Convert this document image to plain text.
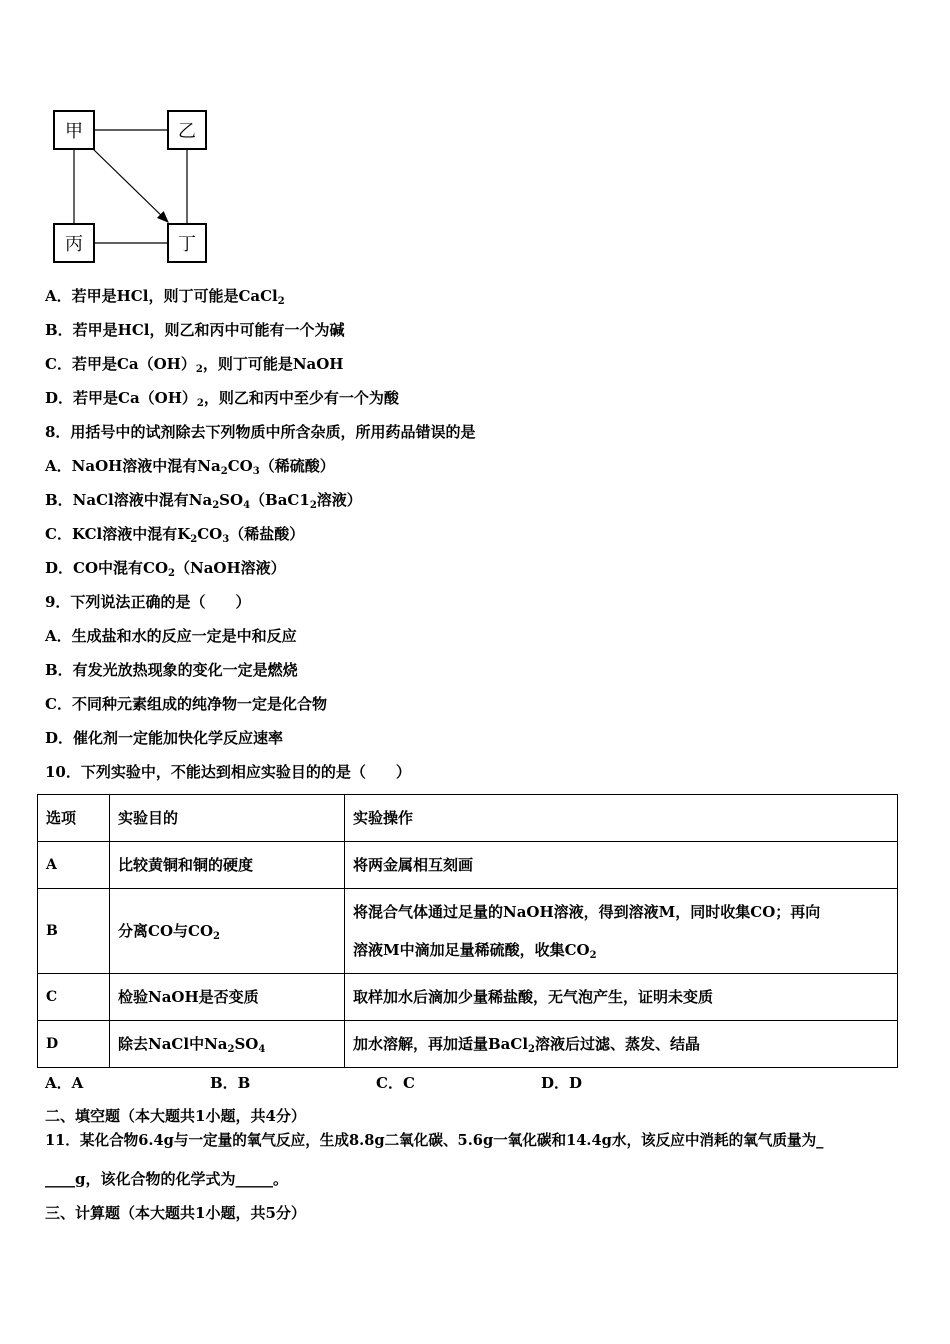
甲	乙
丙	丁
A．若甲是HCl，则丁可能是CaCl$_2$
B．若甲是HCl，则乙和丙中可能有一个为碱
C．若甲是$Ca(OH)_2$，则丁可能是NaOH
D．若甲是$Ca(OH)_2$，则乙和丙中至少有一个为酸
8．用括号中的试剂除去下列物质中所含杂质，所用药品错误的是
A．NaOH溶液中混有$Na_2CO_3$（稀硫酸）
B．NaCl溶液中混有$Na_2SO_4(BaC1_2$溶液）
C．KCl溶液中混有$K_2CO_3$（稀盐酸）
D．CO中混有$CO_2(NaOH$溶液）
9．下列说法正确的是（　　）
A．生成盐和水的反应一定是中和反应
B．有发光放热现象的变化一定是燃烧
C．不同种元素组成的纯净物一定是化合物
D．催化剂一定能加快化学反应速率
10．下列实验中，不能达到相应实验目的的是（　　）
选项	实验目的	实验操作
A	比较黄铜和铜的硬度	将两金属相互刻画
B	分离CO与$CO_2$	将混合气体通过足量的NaOH溶液，得到溶液M，同时收集CO；再向
溶液M中滴加足量稀硫酸，收集$CO_2$
C	检验NaOH是否变质	取样加水后滴加少量稀盐酸，无气泡产生，证明未变质
D	除去NaCl中$Na_2SO_4$	加水溶解，再加适量BaCl$_2$溶液后过滤、蒸发、结晶
A．A	B．B	C．C	D．D
二、填空题（本大题共1小题，共4分）
11．某化合物6.4g与一定量的氧气反应，生成8.8g二氧化碳、5.6g一氧化碳和14.4g水，该反应中消耗的氧气质量为_
____g，该化合物的化学式为_____。
三、计算题（本大题共1小题，共5分）
